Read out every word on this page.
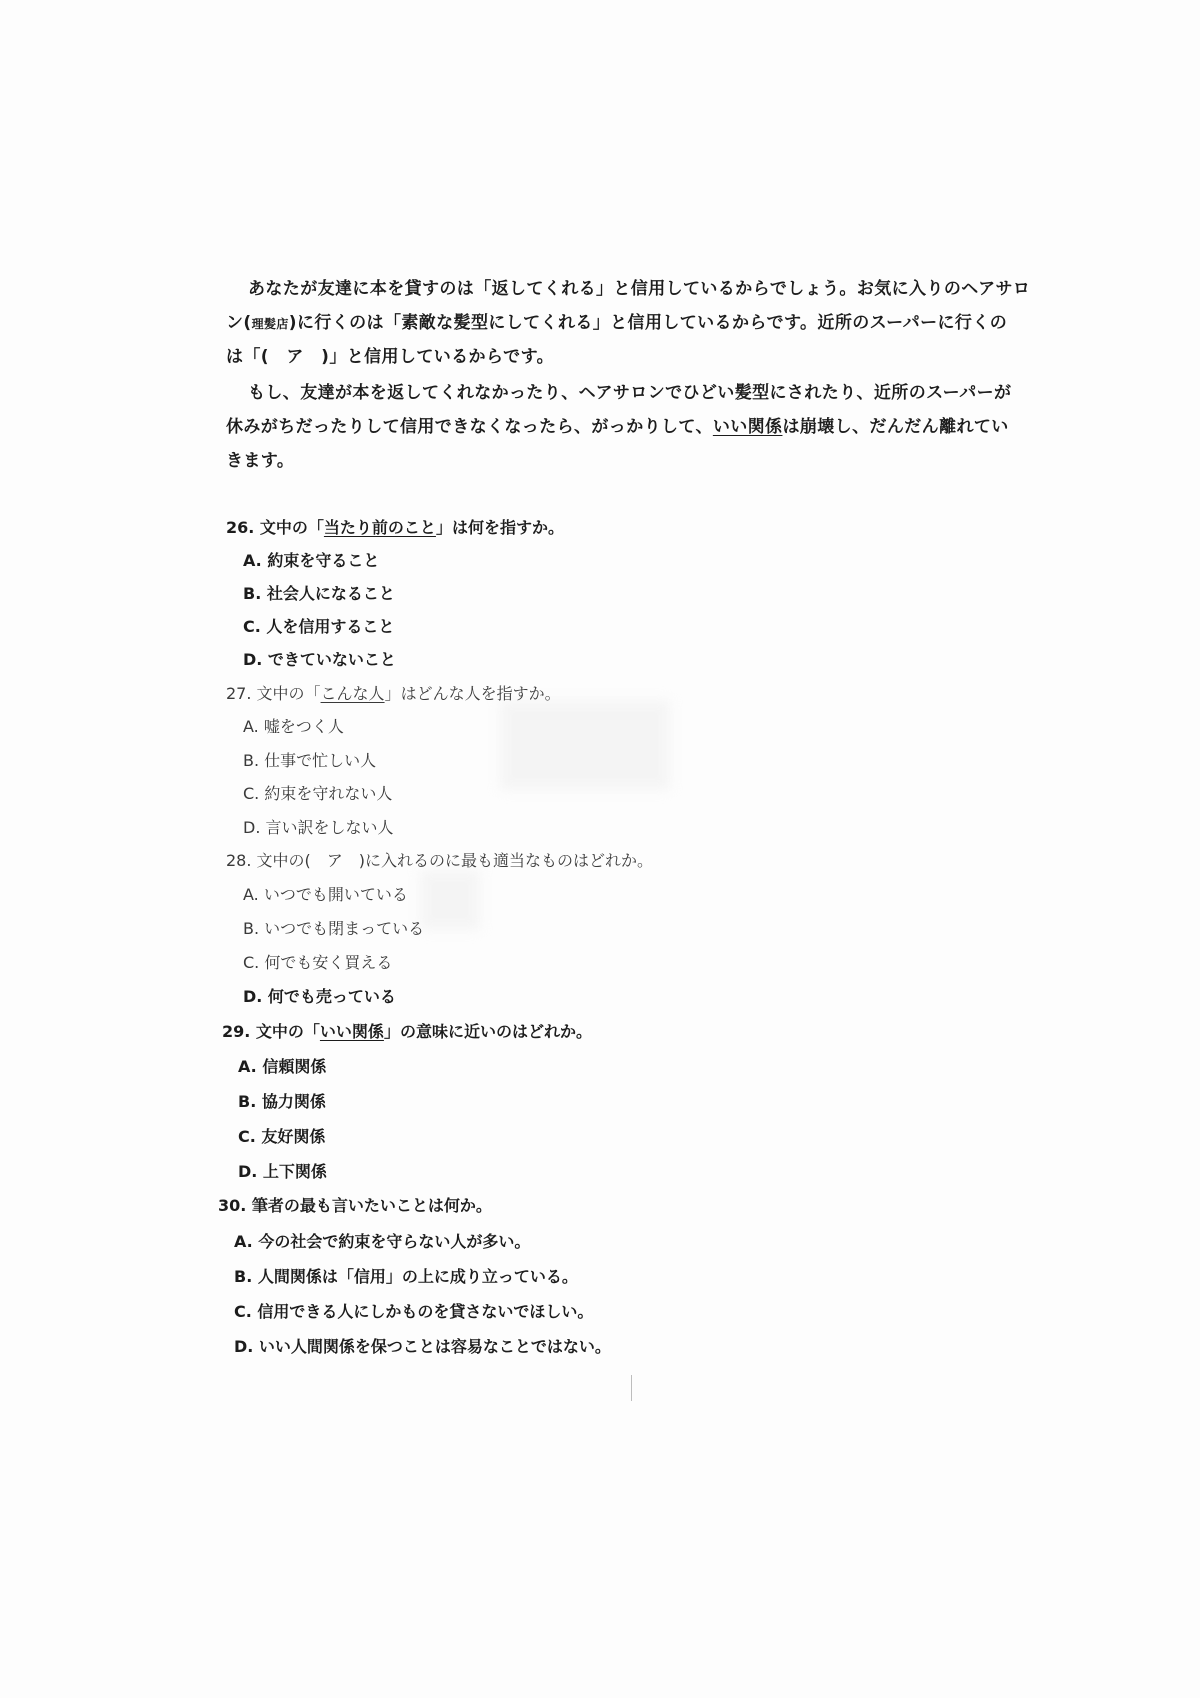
あなたが友達に本を貸すのは「返してくれる」と信用しているからでしょう。お気に入りのヘアサロ
ン(理髪店)に行くのは「素敵な髪型にしてくれる」と信用しているからです。近所のスーパーに行くの
は「(　ア　)」と信用しているからです。
もし、友達が本を返してくれなかったり、ヘアサロンでひどい髪型にされたり、近所のスーパーが
休みがちだったりして信用できなくなったら、がっかりして、いい関係は崩壊し、だんだん離れてい
きます。
26. 文中の「当たり前のこと」は何を指すか。
A. 約束を守ること
B. 社会人になること
C. 人を信用すること
D. できていないこと
27. 文中の「こんな人」はどんな人を指すか。
A. 嘘をつく人
B. 仕事で忙しい人
C. 約束を守れない人
D. 言い訳をしない人
28. 文中の(　ア　)に入れるのに最も適当なものはどれか。
A. いつでも開いている
B. いつでも閉まっている
C. 何でも安く買える
D. 何でも売っている
29. 文中の「いい関係」の意味に近いのはどれか。
A. 信頼関係
B. 協力関係
C. 友好関係
D. 上下関係
30. 筆者の最も言いたいことは何か。
A. 今の社会で約束を守らない人が多い。
B. 人間関係は「信用」の上に成り立っている。
C. 信用できる人にしかものを貸さないでほしい。
D. いい人間関係を保つことは容易なことではない。
